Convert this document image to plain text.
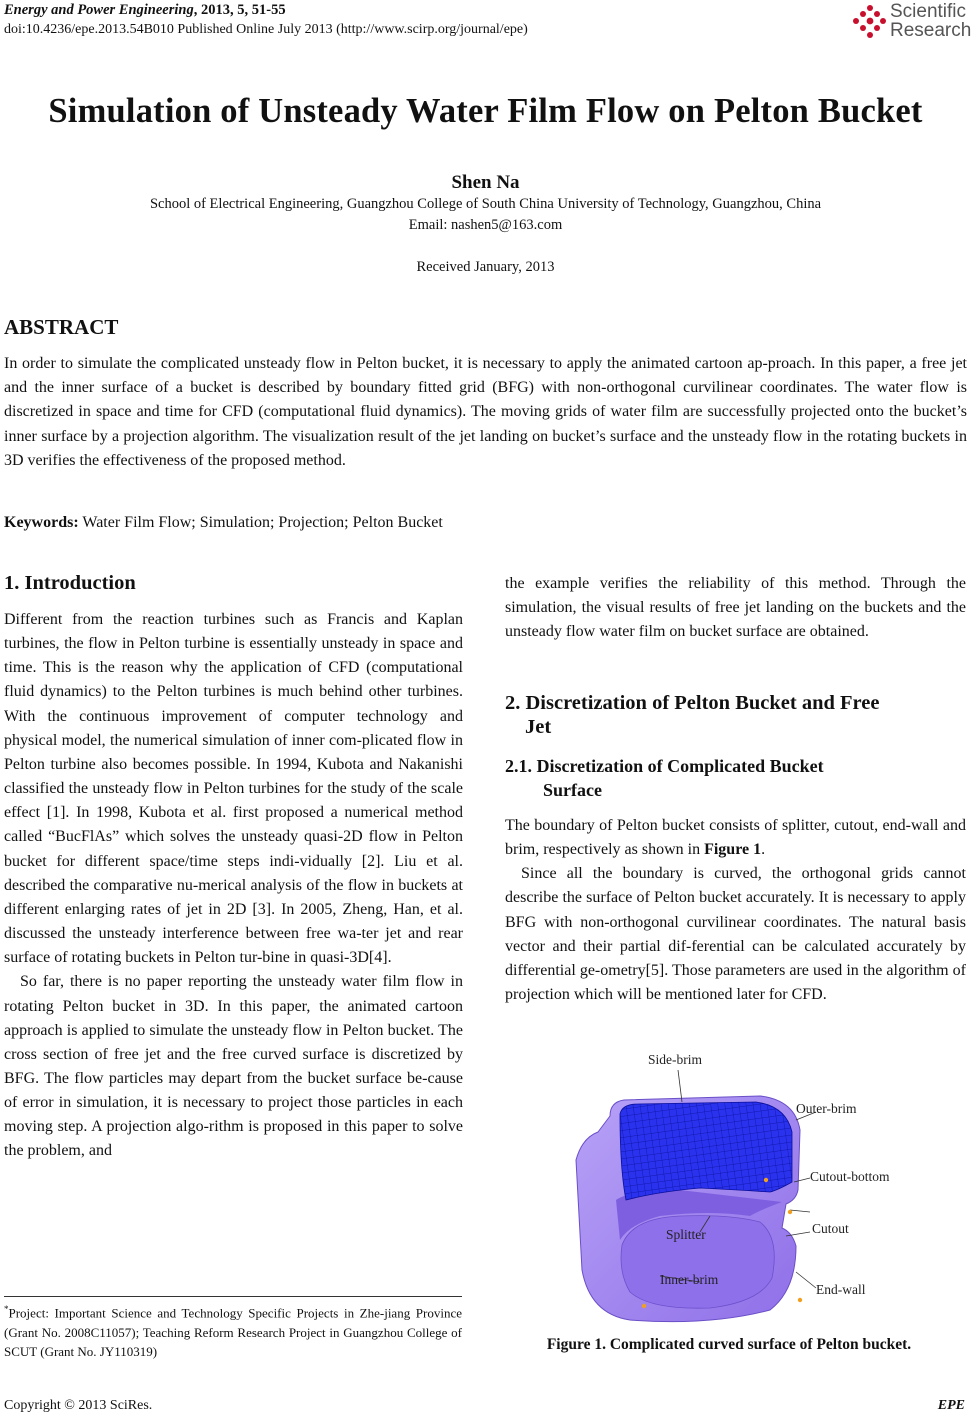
Energy and Power Engineering, 2013, 5, 51-55
doi:10.4236/epe.2013.54B010 Published Online July 2013 (http://www.scirp.org/journal/epe)
Scientific
Research
Simulation of Unsteady Water Film Flow on Pelton Bucket
Shen Na
School of Electrical Engineering, Guangzhou College of South China University of Technology, Guangzhou, China
Email: nashen5@163.com
Received January, 2013
ABSTRACT
In order to simulate the complicated unsteady flow in Pelton bucket, it is necessary to apply the animated cartoon ap-proach. In this paper, a free jet and the inner surface of a bucket is described by boundary fitted grid (BFG) with non-orthogonal curvilinear coordinates. The water flow is discretized in space and time for CFD (computational fluid dynamics). The moving grids of water film are successfully projected onto the bucket’s inner surface by a projection algorithm. The visualization result of the jet landing on bucket’s surface and the unsteady flow in the rotating buckets in 3D verifies the effectiveness of the proposed method.
Keywords: Water Film Flow; Simulation; Projection; Pelton Bucket
1. Introduction

Different from the reaction turbines such as Francis and Kaplan turbines, the flow in Pelton turbine is essentially unsteady in space and time. This is the reason why the application of CFD (computational fluid dynamics) to the Pelton turbines is much behind other turbines. With the continuous improvement of computer technology and physical model, the numerical simulation of inner com-plicated flow in Pelton turbine also becomes possible. In 1994, Kubota and Nakanishi classified the unsteady flow in Pelton turbines for the study of the scale effect [1]. In 1998, Kubota et al. first proposed a numerical method called “BucFlAs” which solves the unsteady quasi-2D flow in Pelton bucket for different space/time steps indi-vidually [2]. Liu et al. described the comparative nu-merical analysis of the flow in buckets at different enlarging rates of jet in 2D [3]. In 2005, Zheng, Han, et al. discussed the unsteady interference between free wa-ter jet and rear surface of rotating buckets in Pelton tur-bine in quasi-3D[4].

So far, there is no paper reporting the unsteady water film flow in rotating Pelton bucket in 3D. In this paper, the animated cartoon approach is applied to simulate the unsteady flow in Pelton bucket. The cross section of free jet and the free curved surface is discretized by BFG. The flow particles may depart from the bucket surface be-cause of error in simulation, it is necessary to project those particles in each moving step. A projection algo-rithm is proposed in this paper to solve the problem, and

*Project: Important Science and Technology Specific Projects in Zhe-jiang Province (Grant No. 2008C11057); Teaching Reform Research Project in Guangzhou College of SCUT (Grant No. JY110319)
the example verifies the reliability of this method. Through the simulation, the visual results of free jet landing on the buckets and the unsteady flow water film on bucket surface are obtained.
2. Discretization of Pelton Bucket and Free
Jet
2.1. Discretization of Complicated Bucket
Surface

The boundary of Pelton bucket consists of splitter, cutout, end-wall and brim, respectively as shown in Figure 1.

Since all the boundary is curved, the orthogonal grids cannot describe the surface of Pelton bucket accurately. It is necessary to apply BFG with non-orthogonal curvilinear coordinates. The natural basis vector and their partial dif-ferential can be calculated accurately by differential ge-ometry[5]. Those parameters are used in the algorithm of projection which will be mentioned later for CFD.

Side-brim
Outer-brim
Cutout-bottom
Cutout
Splitter
Inner-brim
End-wall
Figure 1. Complicated curved surface of Pelton bucket.
Copyright © 2013 SciRes.	EPE
